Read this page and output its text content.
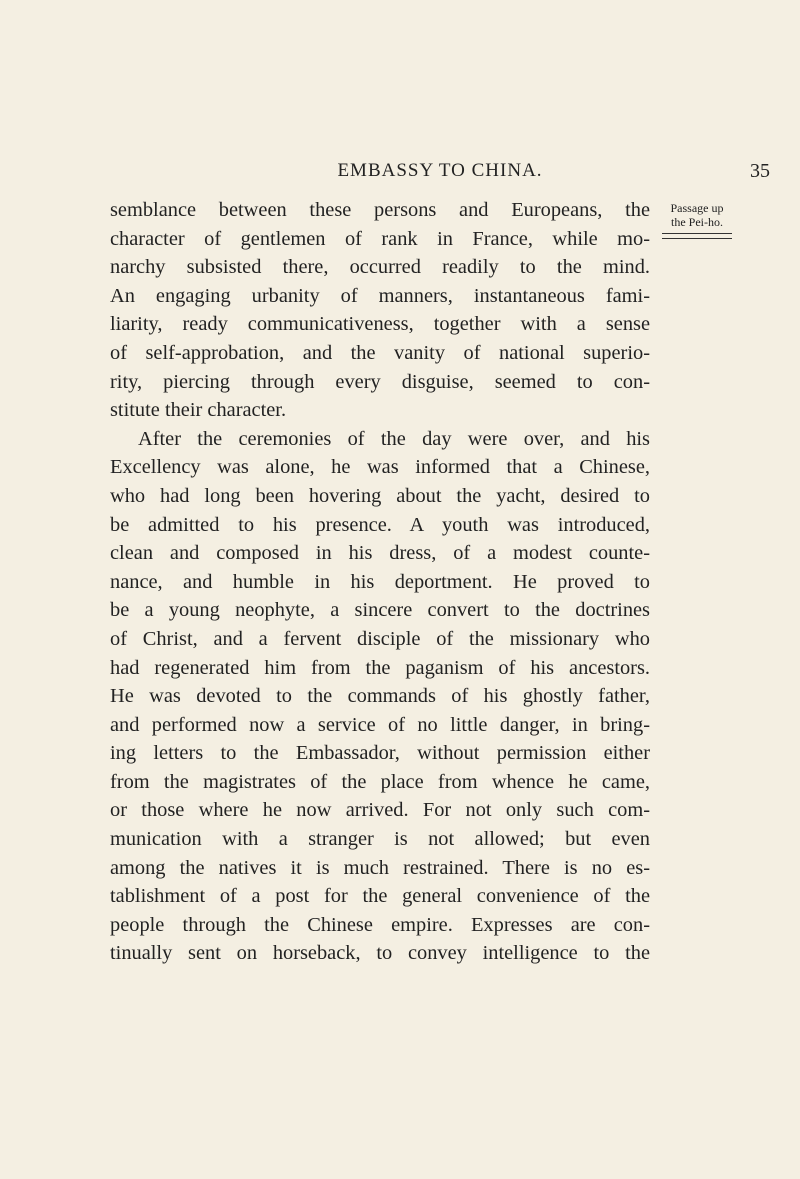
EMBASSY TO CHINA.	35
Passage up
the Pei-ho.
semblance between these persons and Europeans, the
character of gentlemen of rank in France, while mo-
narchy subsisted there, occurred readily to the mind.
An engaging urbanity of manners, instantaneous fami-
liarity, ready communicativeness, together with a sense
of self-approbation, and the vanity of national superio-
rity, piercing through every disguise, seemed to con-
stitute their character.
After the ceremonies of the day were over, and his
Excellency was alone, he was informed that a Chinese,
who had long been hovering about the yacht, desired to
be admitted to his presence. A youth was introduced,
clean and composed in his dress, of a modest counte-
nance, and humble in his deportment. He proved to
be a young neophyte, a sincere convert to the doctrines
of Christ, and a fervent disciple of the missionary who
had regenerated him from the paganism of his ancestors.
He was devoted to the commands of his ghostly father,
and performed now a service of no little danger, in bring-
ing letters to the Embassador, without permission either
from the magistrates of the place from whence he came,
or those where he now arrived. For not only such com-
munication with a stranger is not allowed; but even
among the natives it is much restrained. There is no es-
tablishment of a post for the general convenience of the
people through the Chinese empire. Expresses are con-
tinually sent on horseback, to convey intelligence to the
